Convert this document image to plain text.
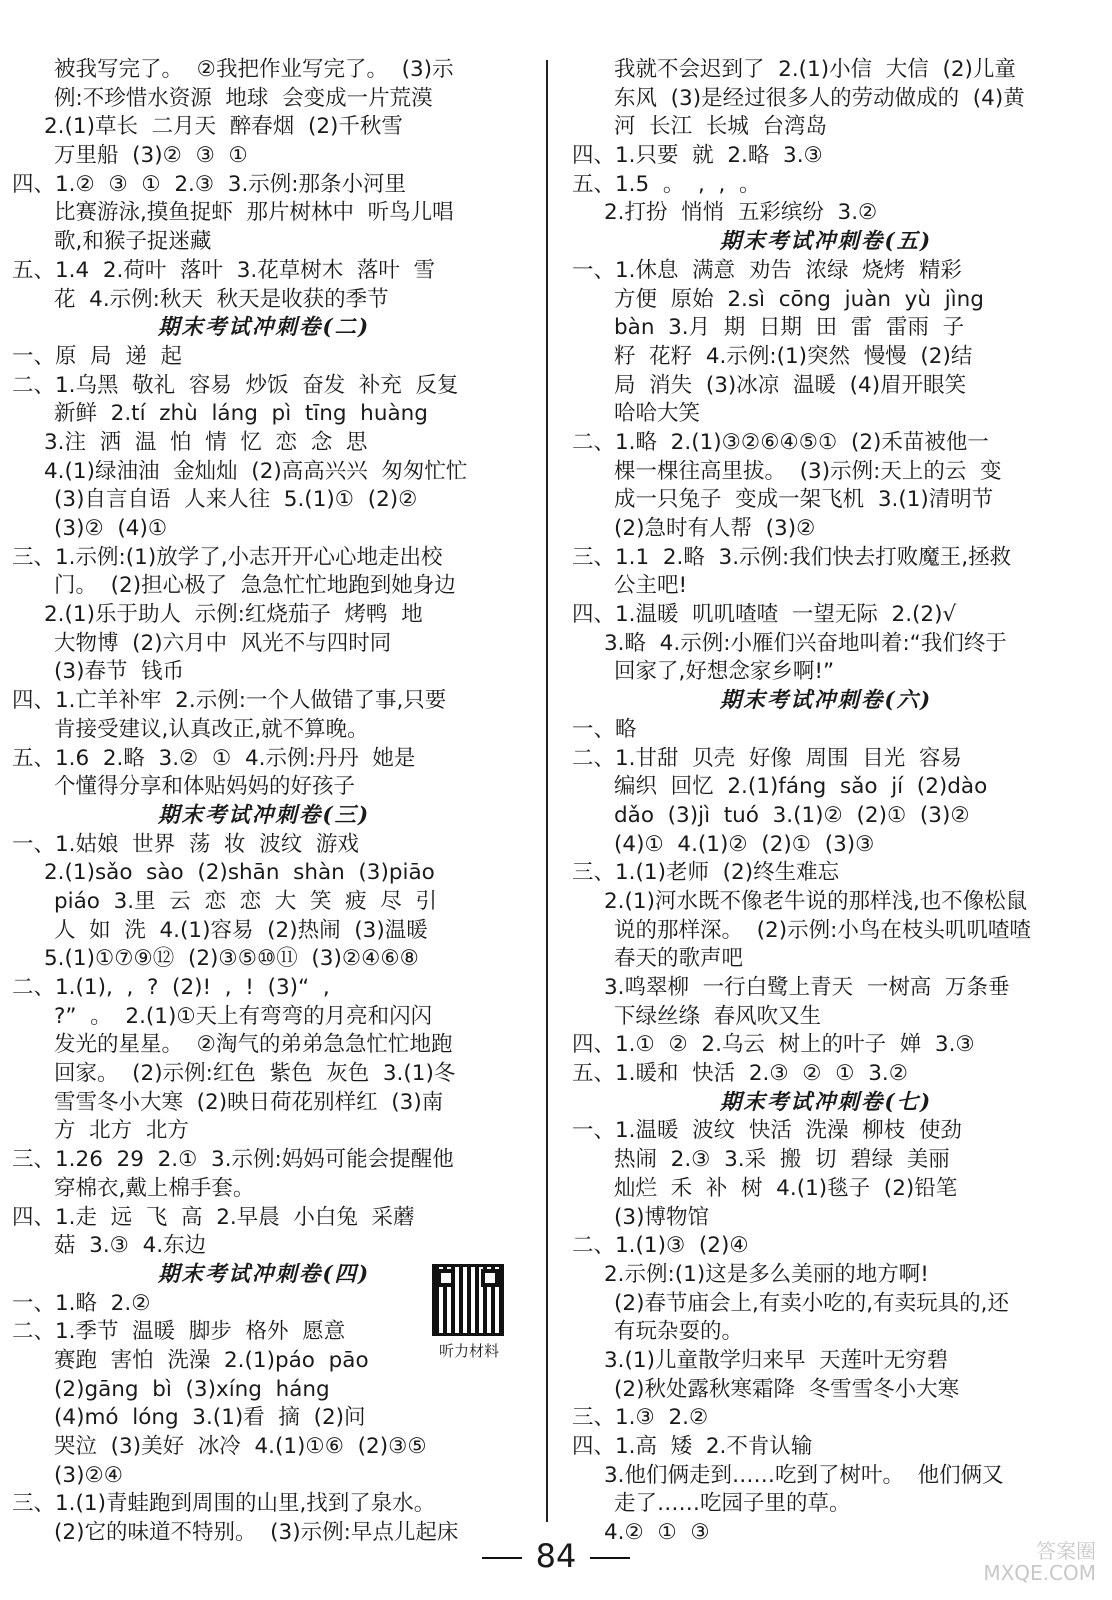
被我写完了。  ②我把作业写完了。  (3)示
例:不珍惜水资源  地球  会变成一片荒漠
2.(1)草长  二月天  醉春烟  (2)千秋雪
万里船  (3)②  ③  ①
四、1.②  ③  ①  2.③  3.示例:那条小河里
比赛游泳,摸鱼捉虾  那片树林中  听鸟儿唱
歌,和猴子捉迷藏
五、1.4  2.荷叶  落叶  3.花草树木  落叶  雪
花  4.示例:秋天  秋天是收获的季节
期末考试冲刺卷(二)
一、原  局  递  起
二、1.乌黑  敬礼  容易  炒饭  奋发  补充  反复
新鲜  2.tí  zhù  láng  pì  tīng  huàng
3.注  洒  温  怕  情  忆  恋  念  思
4.(1)绿油油  金灿灿  (2)高高兴兴  匆匆忙忙
(3)自言自语  人来人往  5.(1)①  (2)②
(3)②  (4)①
三、1.示例:(1)放学了,小志开开心心地走出校
门。  (2)担心极了  急急忙忙地跑到她身边
2.(1)乐于助人  示例:红烧茄子  烤鸭  地
大物博  (2)六月中  风光不与四时同
(3)春节  钱币
四、1.亡羊补牢  2.示例:一个人做错了事,只要
肯接受建议,认真改正,就不算晚。
五、1.6  2.略  3.②  ①  4.示例:丹丹  她是
个懂得分享和体贴妈妈的好孩子
期末考试冲刺卷(三)
一、1.姑娘  世界  荡  妆  波纹  游戏
2.(1)sǎo  sào  (2)shān  shàn  (3)piāo
piáo  3.里  云  恋  恋  大  笑  疲  尽  引
人  如  洗  4.(1)容易  (2)热闹  (3)温暖
5.(1)①⑦⑨⑫  (2)③⑤⑩⑪  (3)②④⑥⑧
二、1.(1),  ,  ?  (2)!  ,  !  (3)“  ,
?”  。  2.(1)①天上有弯弯的月亮和闪闪
发光的星星。  ②淘气的弟弟急急忙忙地跑
回家。  (2)示例:红色  紫色  灰色  3.(1)冬
雪雪冬小大寒  (2)映日荷花别样红  (3)南
方  北方  北方
三、1.26  29  2.①  3.示例:妈妈可能会提醒他
穿棉衣,戴上棉手套。
四、1.走  远  飞  高  2.早晨  小白兔  采蘑
菇  3.③  4.东边
期末考试冲刺卷(四)
一、1.略  2.②
二、1.季节  温暖  脚步  格外  愿意
赛跑  害怕  洗澡  2.(1)páo  pāo
(2)gāng  bì  (3)xíng  háng
(4)mó  lóng  3.(1)看  摘  (2)问
哭泣  (3)美好  冰冷  4.(1)①⑥  (2)③⑤
(3)②④
三、1.(1)青蛙跑到周围的山里,找到了泉水。
(2)它的味道不特别。  (3)示例:早点儿起床
我就不会迟到了  2.(1)小信  大信  (2)儿童
东风  (3)是经过很多人的劳动做成的  (4)黄
河  长江  长城  台湾岛
四、1.只要  就  2.略  3.③
五、1.5  。  ,  ,  。
2.打扮  悄悄  五彩缤纷  3.②
期末考试冲刺卷(五)
一、1.休息  满意  劝告  浓绿  烧烤  精彩
方便  原始  2.sì  cōng  juàn  yù  jìng
bàn  3.月  期  日期  田  雷  雷雨  子
籽  花籽  4.示例:(1)突然  慢慢  (2)结
局  消失  (3)冰凉  温暖  (4)眉开眼笑
哈哈大笑
二、1.略  2.(1)③②⑥④⑤①  (2)禾苗被他一
棵一棵往高里拔。  (3)示例:天上的云  变
成一只兔子  变成一架飞机  3.(1)清明节
(2)急时有人帮  (3)②
三、1.1  2.略  3.示例:我们快去打败魔王,拯救
公主吧!
四、1.温暖  叽叽喳喳  一望无际  2.(2)√
3.略  4.示例:小雁们兴奋地叫着:“我们终于
回家了,好想念家乡啊!”
期末考试冲刺卷(六)
一、略
二、1.甘甜  贝壳  好像  周围  目光  容易
编织  回忆  2.(1)fáng  sǎo  jí  (2)dào
dǎo  (3)jì  tuó  3.(1)②  (2)①  (3)②
(4)①  4.(1)②  (2)①  (3)③
三、1.(1)老师  (2)终生难忘
2.(1)河水既不像老牛说的那样浅,也不像松鼠
说的那样深。  (2)示例:小鸟在枝头叽叽喳喳
春天的歌声吧
3.鸣翠柳  一行白鹭上青天  一树高  万条垂
下绿丝绦  春风吹又生
四、1.①  ②  2.乌云  树上的叶子  婵  3.③
五、1.暖和  快活  2.③  ②  ①  3.②
期末考试冲刺卷(七)
一、1.温暖  波纹  快活  洗澡  柳枝  使劲
热闹  2.③  3.采  搬  切  碧绿  美丽
灿烂  禾  补  树  4.(1)毯子  (2)铅笔
(3)博物馆
二、1.(1)③  (2)④
2.示例:(1)这是多么美丽的地方啊!
(2)春节庙会上,有卖小吃的,有卖玩具的,还
有玩杂耍的。
3.(1)儿童散学归来早  天莲叶无穷碧
(2)秋处露秋寒霜降  冬雪雪冬小大寒
三、1.③  2.②
四、1.高  矮  2.不肯认输
3.他们俩走到……吃到了树叶。  他们俩又
走了……吃园子里的草。
4.②  ①  ③
听力材料
84	答案圈 MXQE.COM
